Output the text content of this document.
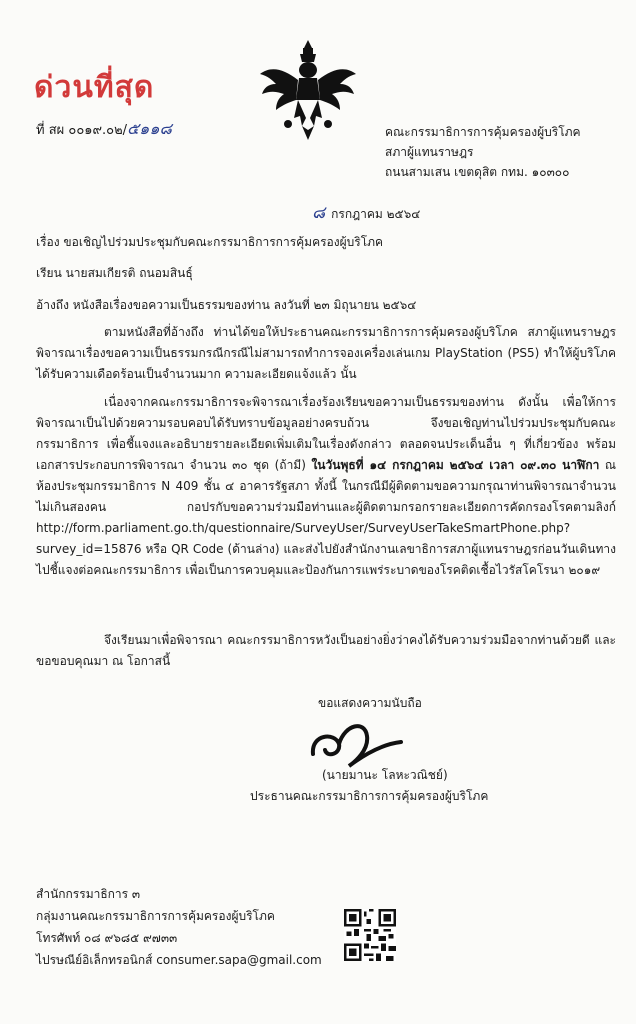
ด่วนที่สุด
ที่ สผ ๐๐๑๙.๐๒/๕๑๑๘	คณะกรรมาธิการการคุ้มครองผู้บริโภค
สภาผู้แทนราษฎร
ถนนสามเสน เขตดุสิต กทม. ๑๐๓๐๐
๘ กรกฎาคม ๒๕๖๔
เรื่อง ขอเชิญไปร่วมประชุมกับคณะกรรมาธิการการคุ้มครองผู้บริโภค
เรียน นายสมเกียรติ ถนอมสินธุ์
อ้างถึง หนังสือเรื่องขอความเป็นธรรมของท่าน ลงวันที่ ๒๓ มิถุนายน ๒๕๖๔
ตามหนังสือที่อ้างถึง ท่านได้ขอให้ประธานคณะกรรมาธิการการคุ้มครองผู้บริโภค สภาผู้แทนราษฎร พิจารณาเรื่องขอความเป็นธรรมกรณีกรณีไม่สามารถทำการจองเครื่องเล่นเกม PlayStation (PS5) ทำให้ผู้บริโภคได้รับความเดือดร้อนเป็นจำนวนมาก ความละเอียดแจ้งแล้ว นั้น
เนื่องจากคณะกรรมาธิการจะพิจารณาเรื่องร้องเรียนขอความเป็นธรรมของท่าน ดังนั้น เพื่อให้การพิจารณาเป็นไปด้วยความรอบคอบได้รับทราบข้อมูลอย่างครบถ้วน จึงขอเชิญท่านไปร่วมประชุมกับคณะกรรมาธิการ เพื่อชี้แจงและอธิบายรายละเอียดเพิ่มเติมในเรื่องดังกล่าว ตลอดจนประเด็นอื่น ๆ ที่เกี่ยวข้อง พร้อมเอกสารประกอบการพิจารณา จำนวน ๓๐ ชุด (ถ้ามี) ในวันพุธที่ ๑๔ กรกฎาคม ๒๕๖๔ เวลา ๐๙.๓๐ นาฬิกา ณ ห้องประชุมกรรมาธิการ N 409 ชั้น ๔ อาคารรัฐสภา ทั้งนี้ ในกรณีมีผู้ติดตามขอความกรุณาท่านพิจารณาจำนวนไม่เกินสองคน กอปรกับขอความร่วมมือท่านและผู้ติดตามกรอกรายละเอียดการคัดกรองโรคตามลิงก์ http://form.parliament.go.th/questionnaire/SurveyUser/SurveyUserTakeSmartPhone.php?survey_id=15876 หรือ QR Code (ด้านล่าง) และส่งไปยังสำนักงานเลขาธิการสภาผู้แทนราษฎรก่อนวันเดินทางไปชี้แจงต่อคณะกรรมาธิการ เพื่อเป็นการควบคุมและป้องกันการแพร่ระบาดของโรคติดเชื้อไวรัสโคโรนา ๒๐๑๙
จึงเรียนมาเพื่อพิจารณา คณะกรรมาธิการหวังเป็นอย่างยิ่งว่าคงได้รับความร่วมมือจากท่านด้วยดี และขอขอบคุณมา ณ โอกาสนี้
ขอแสดงความนับถือ
(นายมานะ โลหะวณิชย์)
ประธานคณะกรรมาธิการการคุ้มครองผู้บริโภค
สำนักกรรมาธิการ ๓
กลุ่มงานคณะกรรมาธิการการคุ้มครองผู้บริโภค
โทรศัพท์ ๐๘ ๙๖๘๕ ๙๗๓๓
ไปรษณีย์อิเล็กทรอนิกส์ consumer.sapa@gmail.com
